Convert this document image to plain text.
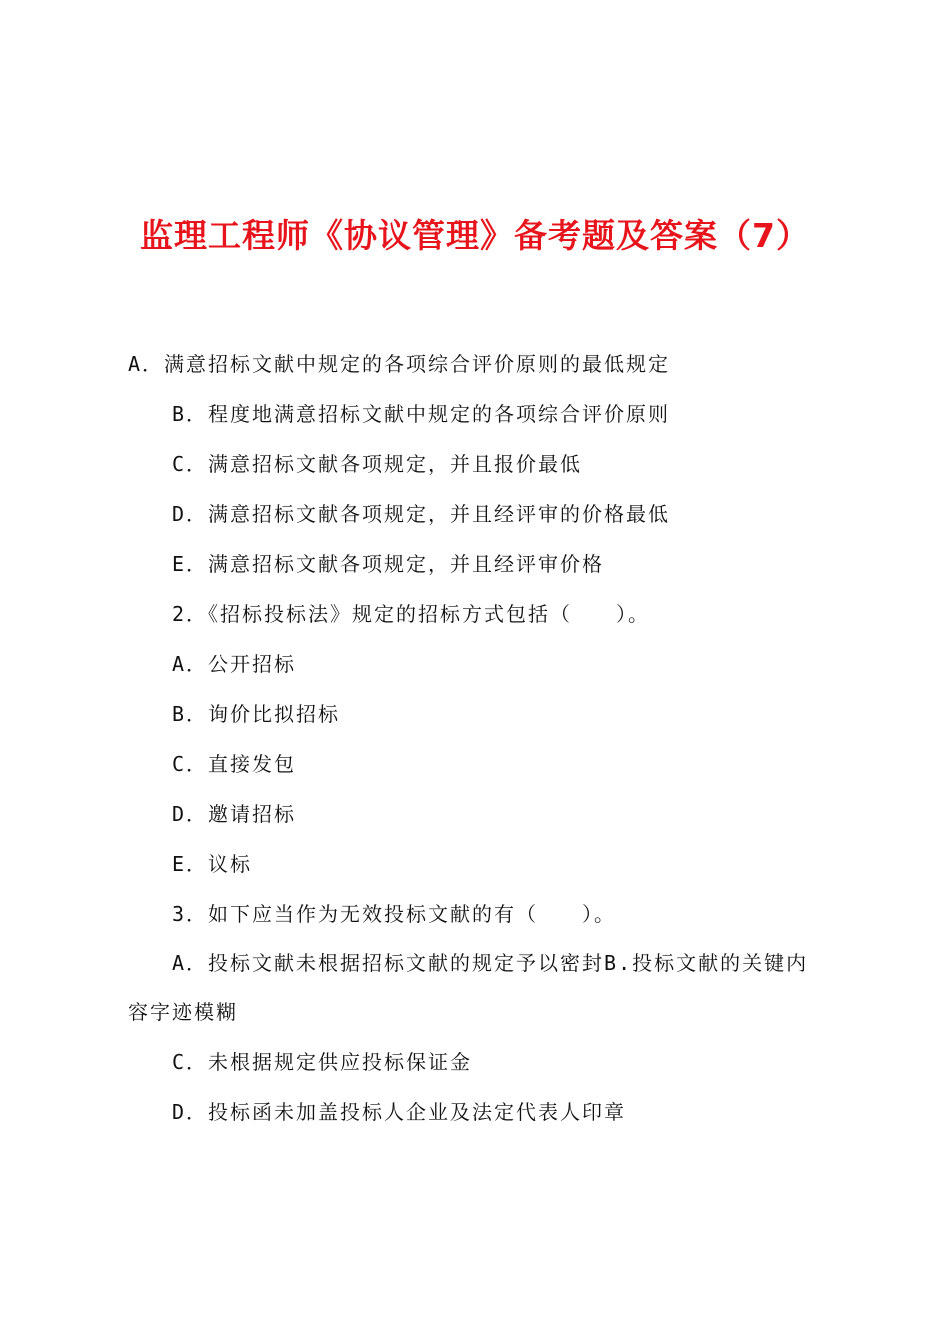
监理工程师《协议管理》备考题及答案（7）
A．满意招标文献中规定的各项综合评价原则的最低规定
B．程度地满意招标文献中规定的各项综合评价原则
C．满意招标文献各项规定，并且报价最低
D．满意招标文献各项规定，并且经评审的价格最低
E．满意招标文献各项规定，并且经评审价格
2．《招标投标法》规定的招标方式包括（　　）。
A．公开招标
B．询价比拟招标
C．直接发包
D．邀请招标
E．议标
3．如下应当作为无效投标文献的有（　　）。
A．投标文献未根据招标文献的规定予以密封B.投标文献的关键内
容字迹模糊
C．未根据规定供应投标保证金
D．投标函未加盖投标人企业及法定代表人印章
